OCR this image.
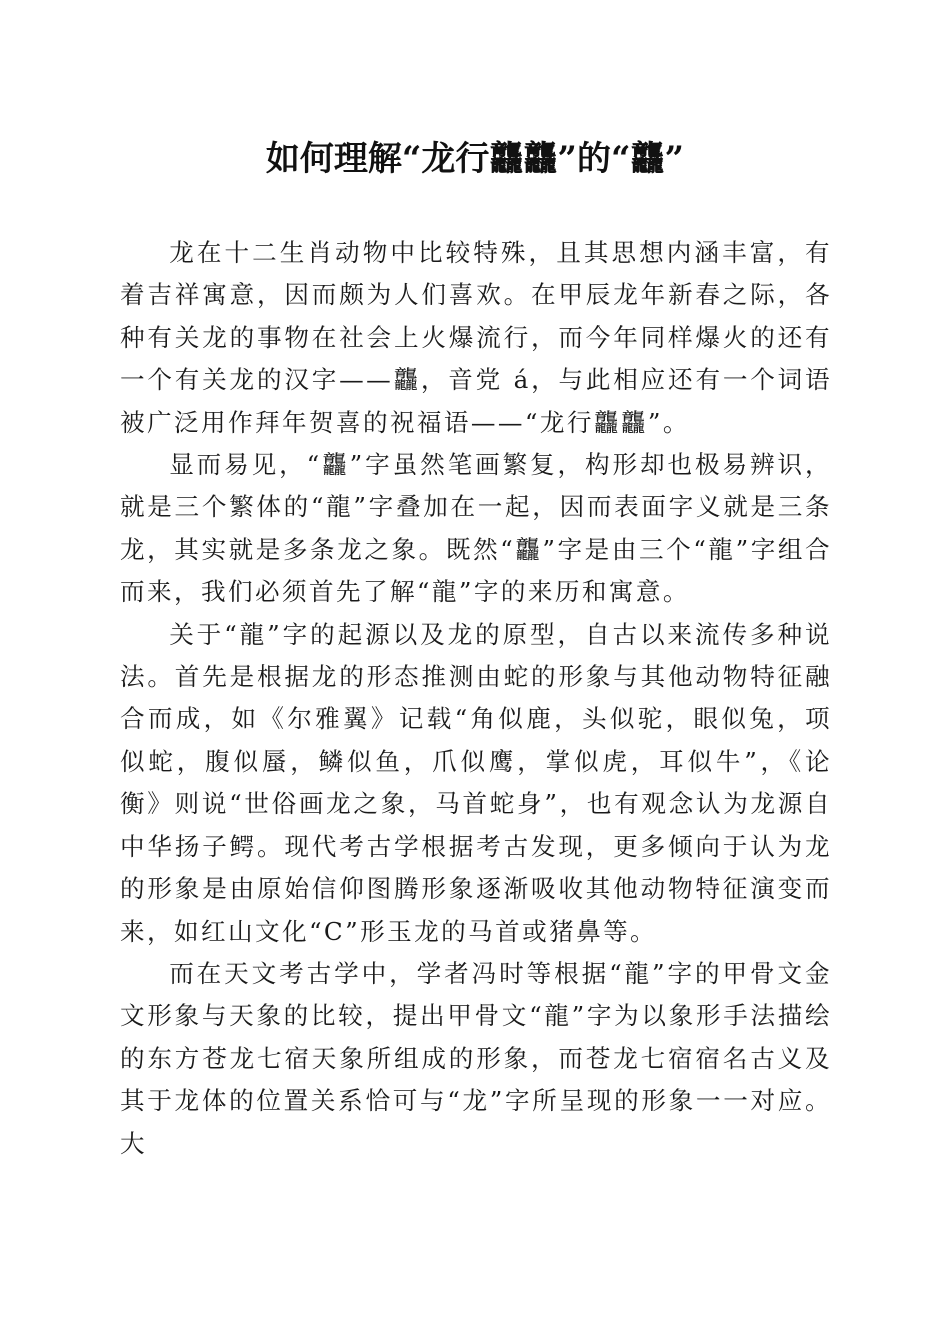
如何理解“龙行龘龘”的“龘”

龙在十二生肖动物中比较特殊，且其思想内涵丰富，有着吉祥寓意，因而颇为人们喜欢。在甲辰龙年新春之际，各种有关龙的事物在社会上火爆流行，而今年同样爆火的还有一个有关龙的汉字——龘，音党 á，与此相应还有一个词语被广泛用作拜年贺喜的祝福语——“龙行龘龘”。

显而易见，“龘”字虽然笔画繁复，构形却也极易辨识，就是三个繁体的“龍”字叠加在一起，因而表面字义就是三条龙，其实就是多条龙之象。既然“龘”字是由三个“龍”字组合而来，我们必须首先了解“龍”字的来历和寓意。

关于“龍”字的起源以及龙的原型，自古以来流传多种说法。首先是根据龙的形态推测由蛇的形象与其他动物特征融合而成，如《尔雅翼》记载“角似鹿，头似驼，眼似兔，项似蛇，腹似蜃，鳞似鱼，爪似鹰，掌似虎，耳似牛”，《论衡》则说“世俗画龙之象，马首蛇身”，也有观念认为龙源自中华扬子鳄。现代考古学根据考古发现，更多倾向于认为龙的形象是由原始信仰图腾形象逐渐吸收其他动物特征演变而来，如红山文化“C”形玉龙的马首或猪鼻等。

而在天文考古学中，学者冯时等根据“龍”字的甲骨文金文形象与天象的比较，提出甲骨文“龍”字为以象形手法描绘的东方苍龙七宿天象所组成的形象，而苍龙七宿宿名古义及其于龙体的位置关系恰可与“龙”字所呈现的形象一一对应。大
